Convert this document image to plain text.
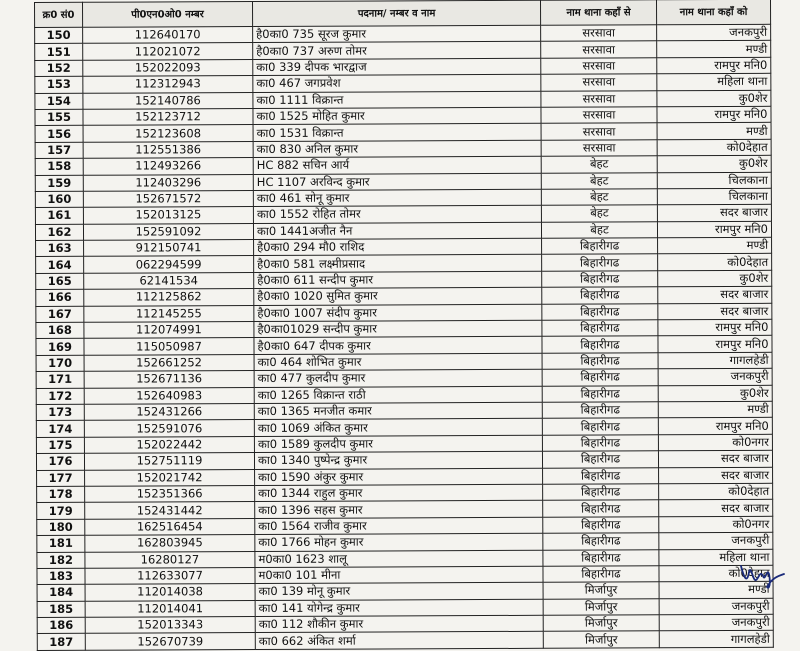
क्र0 सं0	पी0एन0ओ0 नम्बर	पदनाम/ नम्बर व नाम	नाम थाना कहाँ से	नाम थाना कहाँ को
150	112640170	है0का0 735 सूरज कुमार	सरसावा	जनकपुरी
151	112021072	है0का0 737 अरुण तोमर	सरसावा	मण्डी
152	152022093	का0 339 दीपक भारद्वाज	सरसावा	रामपुर मनि0
153	112312943	का0 467 जगप्रवेश	सरसावा	महिला थाना
154	152140786	का0 1111 विक्रान्त	सरसावा	कु0शेर
155	152123712	का0 1525 मोहित कुमार	सरसावा	रामपुर मनि0
156	152123608	का0 1531 विक्रान्त	सरसावा	मण्डी
157	112551386	का0 830 अनिल कुमार	सरसावा	को0देहात
158	112493266	HC 882 सचिन आर्य	बेहट	कु0शेर
159	112403296	HC 1107 अरविन्द कुमार	बेहट	चिलकाना
160	152671572	का0 461 सोनू कुमार	बेहट	चिलकाना
161	152013125	का0 1552 रोहित तोमर	बेहट	सदर बाजार
162	152591092	का0 1441अजीत नैन	बेहट	रामपुर मनि0
163	912150741	है0का0 294 मौ0 राशिद	बिहारीगढ	मण्डी
164	062294599	है0का0 581 लक्ष्मीप्रसाद	बिहारीगढ	को0देहात
165	62141534	है0का0 611 सन्दीप कुमार	बिहारीगढ	कु0शेर
166	112125862	है0का0 1020 सुमित कुमार	बिहारीगढ	सदर बाजार
167	112145255	है0का0 1007 संदीप कुमार	बिहारीगढ	सदर बाजार
168	112074991	है0का01029 सन्दीप कुमार	बिहारीगढ	रामपुर मनि0
169	115050987	है0का0 647 दीपक कुमार	बिहारीगढ	रामपुर मनि0
170	152661252	का0 464 शोभित कुमार	बिहारीगढ	गागलहेडी
171	152671136	का0 477 कुलदीप कुमार	बिहारीगढ	जनकपुरी
172	152640983	का0 1265 विक्रान्त राठी	बिहारीगढ	कु0शेर
173	152431266	का0 1365 मनजीत कमार	बिहारीगढ	मण्डी
174	152591076	का0 1069 अंकित कुमार	बिहारीगढ	रामपुर मनि0
175	152022442	का0 1589 कुलदीप कुमार	बिहारीगढ	को0नगर
176	152751119	का0 1340 पुष्पेन्द्र कुमार	बिहारीगढ	सदर बाजार
177	152021742	का0 1590 अंकुर कुमार	बिहारीगढ	सदर बाजार
178	152351366	का0 1344 राहुल कुमार	बिहारीगढ	को0देहात
179	152431442	का0 1396 सहस कुमार	बिहारीगढ	सदर बाजार
180	162516454	का0 1564 राजीव कुमार	बिहारीगढ	को0नगर
181	162803945	का0 1766 मोहन कुमार	बिहारीगढ	जनकपुरी
182	16280127	म0का0 1623 शालू	बिहारीगढ	महिला थाना
183	112633077	म0का0 101 मीना	बिहारीगढ	को0देहात
184	112014038	का0 139 मोनू कुमार	मिर्जापुर	मण्डी
185	112014041	का0 141 योगेन्द्र कुमार	मिर्जापुर	जनकपुरी
186	152013343	का0 112 शौकीन कुमार	मिर्जापुर	जनकपुरी
187	152670739	का0 662 अंकित शर्मा	मिर्जापुर	गागलहेडी
